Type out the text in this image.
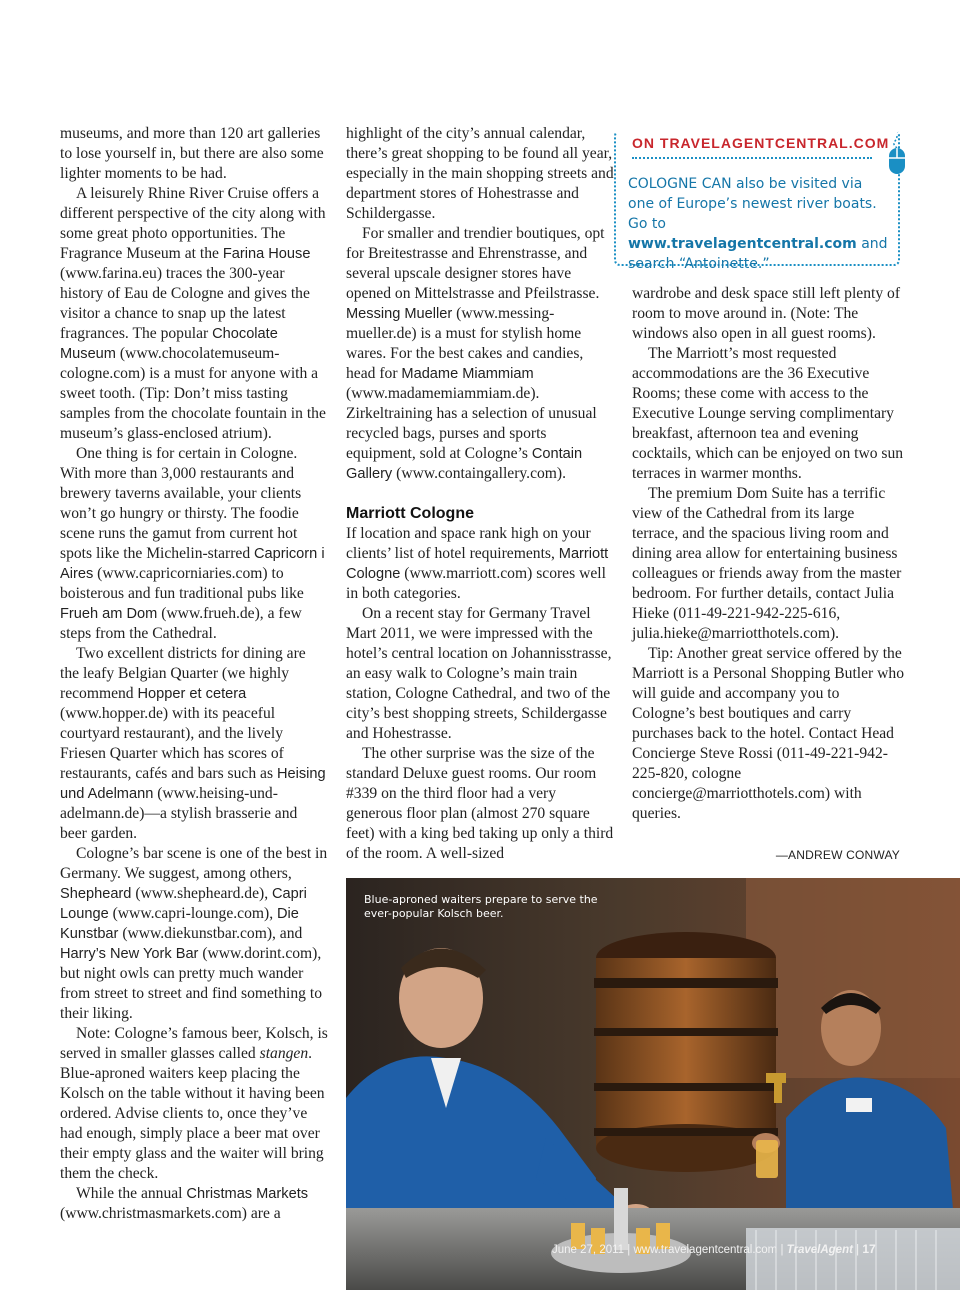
museums, and more than 120 art galleries to lose yourself in, but there are also some lighter moments to be had.

A leisurely Rhine River Cruise offers a different perspective of the city along with some great photo opportunities. The Fragrance Museum at the Farina House (www.farina.eu) traces the 300-year history of Eau de Cologne and gives the visitor a chance to snap up the latest fragrances. The popular Chocolate Museum (www.chocolatemuseum-cologne.com) is a must for anyone with a sweet tooth. (Tip: Don’t miss tasting samples from the chocolate fountain in the museum’s glass-enclosed atrium).

One thing is for certain in Cologne. With more than 3,000 restaurants and brewery taverns available, your clients won’t go hungry or thirsty. The foodie scene runs the gamut from current hot spots like the Michelin-starred Capricorn i Aires (www.capricorniaries.com) to boisterous and fun traditional pubs like Frueh am Dom (www.frueh.de), a few steps from the Cathedral.

Two excellent districts for dining are the leafy Belgian Quarter (we highly recommend Hopper et cetera (www.hopper.de) with its peaceful courtyard restaurant), and the lively Friesen Quarter which has scores of restaurants, cafés and bars such as Heising und Adelmann (www.heising-und-adelmann.de)—a stylish brasserie and beer garden.

Cologne’s bar scene is one of the best in Germany. We suggest, among others, Shepheard (www.shepheard.de), Capri Lounge (www.capri-lounge.com), Die Kunstbar (www.diekunstbar.com), and Harry’s New York Bar (www.dorint.com), but night owls can pretty much wander from street to street and find something to their liking.

Note: Cologne’s famous beer, Kolsch, is served in smaller glasses called stangen. Blue-aproned waiters keep placing the Kolsch on the table without it having been ordered. Advise clients to, once they’ve had enough, simply place a beer mat over their empty glass and the waiter will bring them the check.

While the annual Christmas Markets (www.christmasmarkets.com) are a

highlight of the city’s annual calendar, there’s great shopping to be found all year, especially in the main shopping streets and department stores of Hohestrasse and Schildergasse.

For smaller and trendier boutiques, opt for Breitestrasse and Ehrenstrasse, and several upscale designer stores have opened on Mittelstrasse and Pfeilstrasse. Messing Mueller (www.messing-mueller.de) is a must for stylish home wares. For the best cakes and candies, head for Madame Miammiam (www.madamemiammiam.de). Zirkeltraining has a selection of unusual recycled bags, purses and sports equipment, sold at Cologne’s Contain Gallery (www.containgallery.com).

Marriott Cologne

If location and space rank high on your clients’ list of hotel requirements, Marriott Cologne (www.marriott.com) scores well in both categories.

On a recent stay for Germany Travel Mart 2011, we were impressed with the hotel’s central location on Johannisstrasse, an easy walk to Cologne’s main train station, Cologne Cathedral, and two of the city’s best shopping streets, Schildergasse and Hohestrasse.

The other surprise was the size of the standard Deluxe guest rooms. Our room #339 on the third floor had a very generous floor plan (almost 270 square feet) with a king bed taking up only a third of the room. A well-sized

ON TRAVELAGENTCENTRAL.COM
COLOGNE CAN also be visited via one of Europe’s newest river boats. Go to www.travelagentcentral.com and search “Antoinette.”

wardrobe and desk space still left plenty of room to move around in. (Note: The windows also open in all guest rooms).

The Marriott’s most requested accommodations are the 36 Executive Rooms; these come with access to the Executive Lounge serving complimentary breakfast, afternoon tea and evening cocktails, which can be enjoyed on two sun terraces in warmer months.

The premium Dom Suite has a terrific view of the Cathedral from its large terrace, and the spacious living room and dining area allow for entertaining business colleagues or friends away from the master bedroom. For further details, contact Julia Hieke (011-49-221-942-225-616, julia.hieke@marriotthotels.com).

Tip: Another great service offered by the Marriott is a Personal Shopping Butler who will guide and accompany you to Cologne’s best boutiques and carry purchases back to the hotel. Contact Head Concierge Steve Rossi (011-49-221-942-225-820, cologne concierge@marriotthotels.com) with queries.

—ANDREW CONWAY
Blue-aproned waiters prepare to serve the ever-popular Kolsch beer.
June 27, 2011 | www.travelagentcentral.com | TravelAgent | 17
